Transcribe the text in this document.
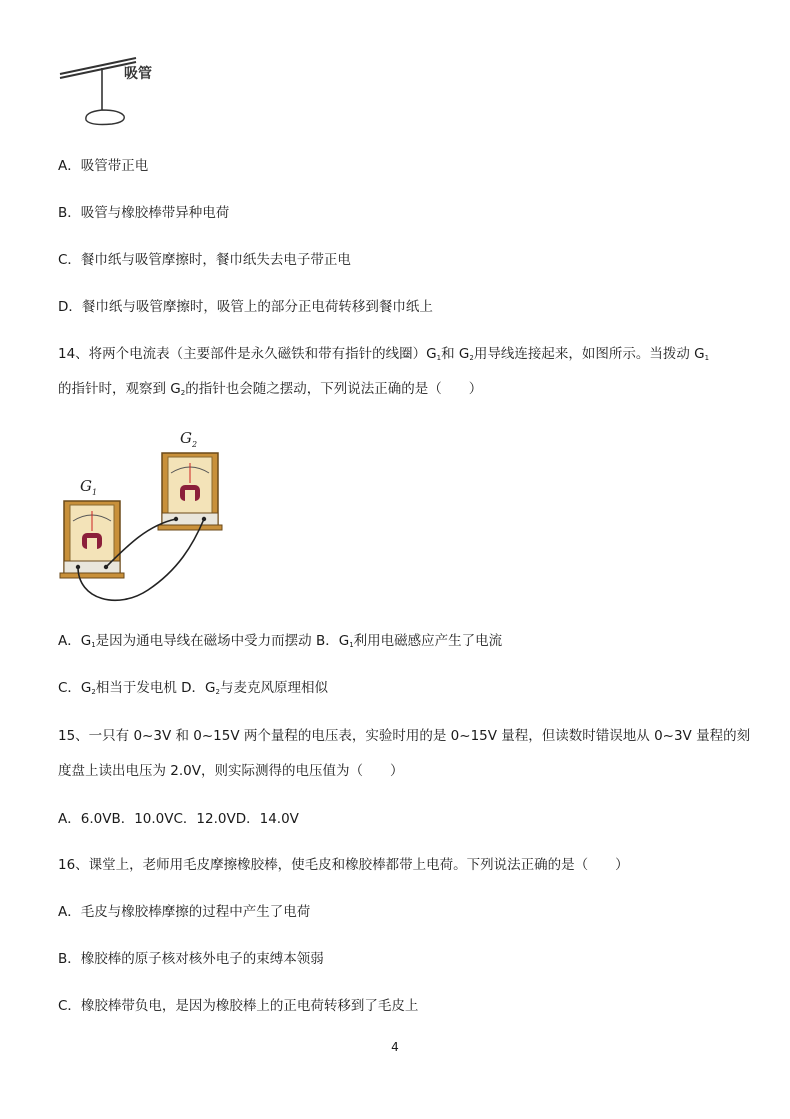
吸管
A．吸管带正电
B．吸管与橡胶棒带异种电荷
C．餐巾纸与吸管摩擦时，餐巾纸失去电子带正电
D．餐巾纸与吸管摩擦时，吸管上的部分正电荷转移到餐巾纸上
14、将两个电流表（主要部件是永久磁铁和带有指针的线圈）$G_1$和 $G_2$用导线连接起来，如图所示。当拨动 $G_1$
的指针时，观察到 $G_2$的指针也会随之摆动，下列说法正确的是（　　）
G 2
G 1
A．$G_1$是因为通电导线在磁场中受力而摆动 B．$G_1$利用电磁感应产生了电流
C．$G_2$相当于发电机 D．$G_2$与麦克风原理相似
15、一只有 0~3V 和 0~15V 两个量程的电压表，实验时用的是 0~15V 量程，但读数时错误地从 0~3V 量程的刻
度盘上读出电压为 2.0V，则实际测得的电压值为（　　）
A．6.0VB．10.0VC．12.0VD．14.0V
16、课堂上，老师用毛皮摩擦橡胶棒，使毛皮和橡胶棒都带上电荷。下列说法正确的是（　　）
A．毛皮与橡胶棒摩擦的过程中产生了电荷
B．橡胶棒的原子核对核外电子的束缚本领弱
C．橡胶棒带负电，是因为橡胶棒上的正电荷转移到了毛皮上
4
